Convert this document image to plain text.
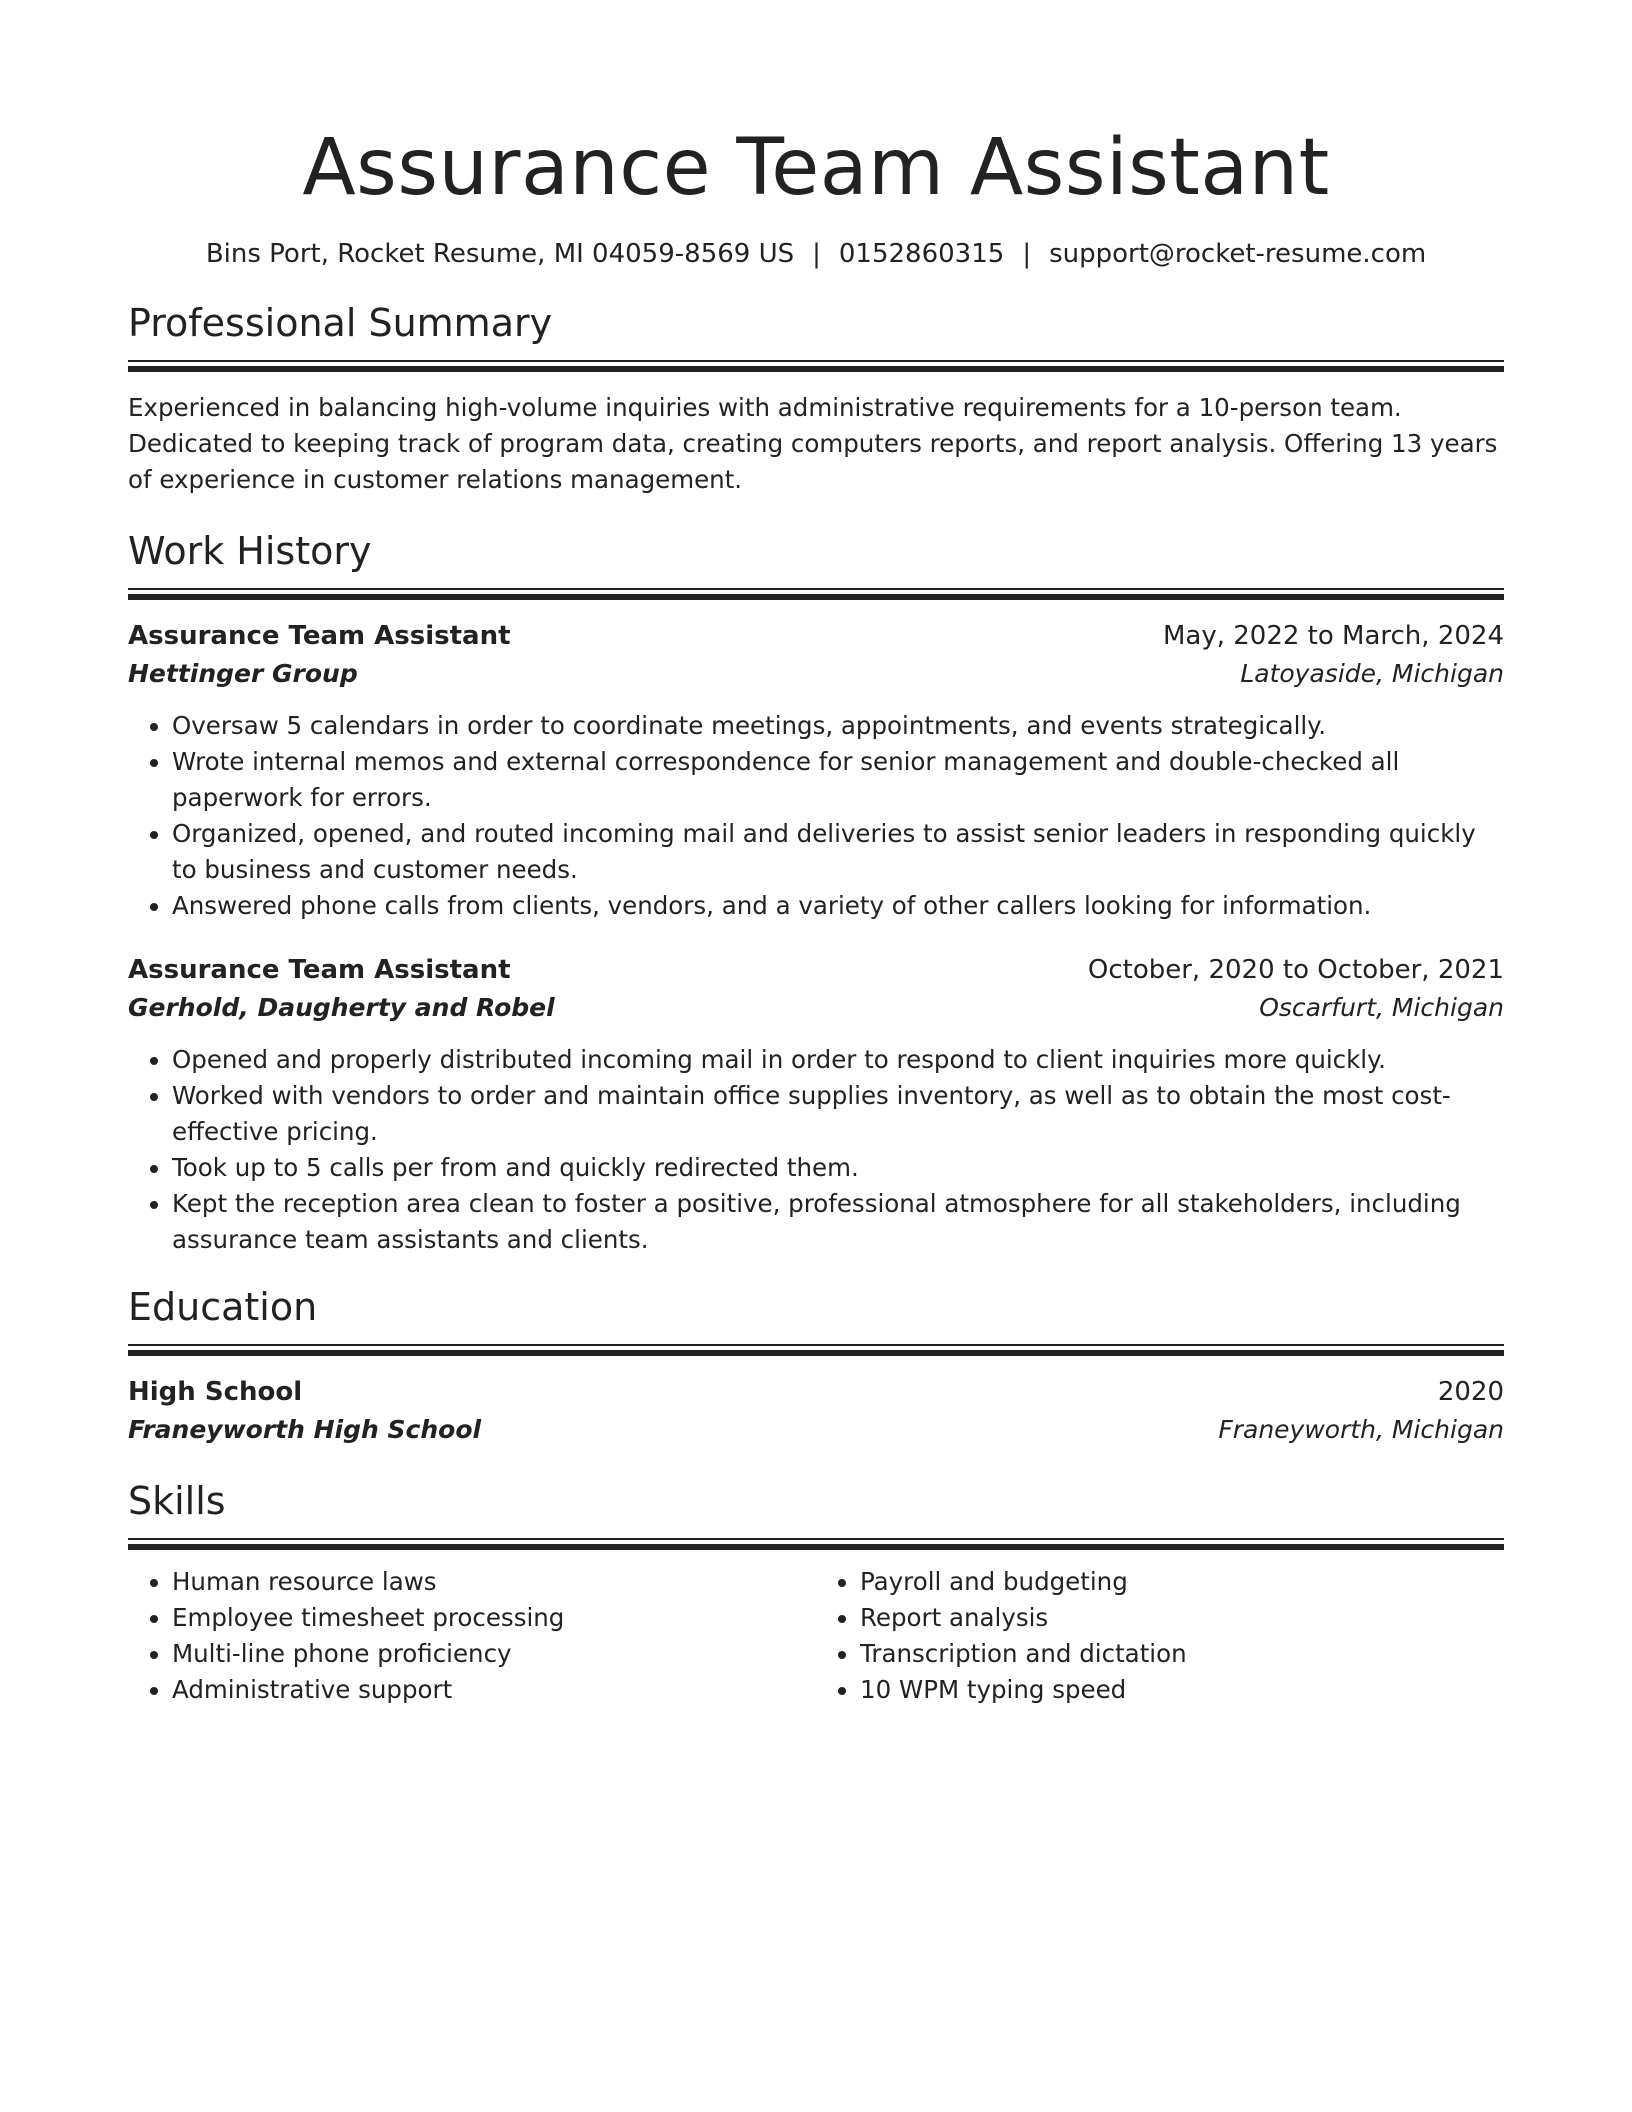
Assurance Team Assistant
Bins Port, Rocket Resume, MI 04059-8569 US | 0152860315 | support@rocket-resume.com
Professional Summary
Experienced in balancing high-volume inquiries with administrative requirements for a 10-person team. Dedicated to keeping track of program data, creating computers reports, and report analysis. Offering 13 years of experience in customer relations management.
Work History
Assurance Team Assistant	May, 2022 to March, 2024
Hettinger Group	Latoyaside, Michigan
• Oversaw 5 calendars in order to coordinate meetings, appointments, and events strategically.
• Wrote internal memos and external correspondence for senior management and double-checked all paperwork for errors.
• Organized, opened, and routed incoming mail and deliveries to assist senior leaders in responding quickly to business and customer needs.
• Answered phone calls from clients, vendors, and a variety of other callers looking for information.
Assurance Team Assistant	October, 2020 to October, 2021
Gerhold, Daugherty and Robel	Oscarfurt, Michigan
• Opened and properly distributed incoming mail in order to respond to client inquiries more quickly.
• Worked with vendors to order and maintain office supplies inventory, as well as to obtain the most cost-effective pricing.
• Took up to 5 calls per from and quickly redirected them.
• Kept the reception area clean to foster a positive, professional atmosphere for all stakeholders, including assurance team assistants and clients.
Education
High School	2020
Franeyworth High School	Franeyworth, Michigan
Skills
• Human resource laws
• Employee timesheet processing
• Multi-line phone proficiency
• Administrative support
• Payroll and budgeting
• Report analysis
• Transcription and dictation
• 10 WPM typing speed
